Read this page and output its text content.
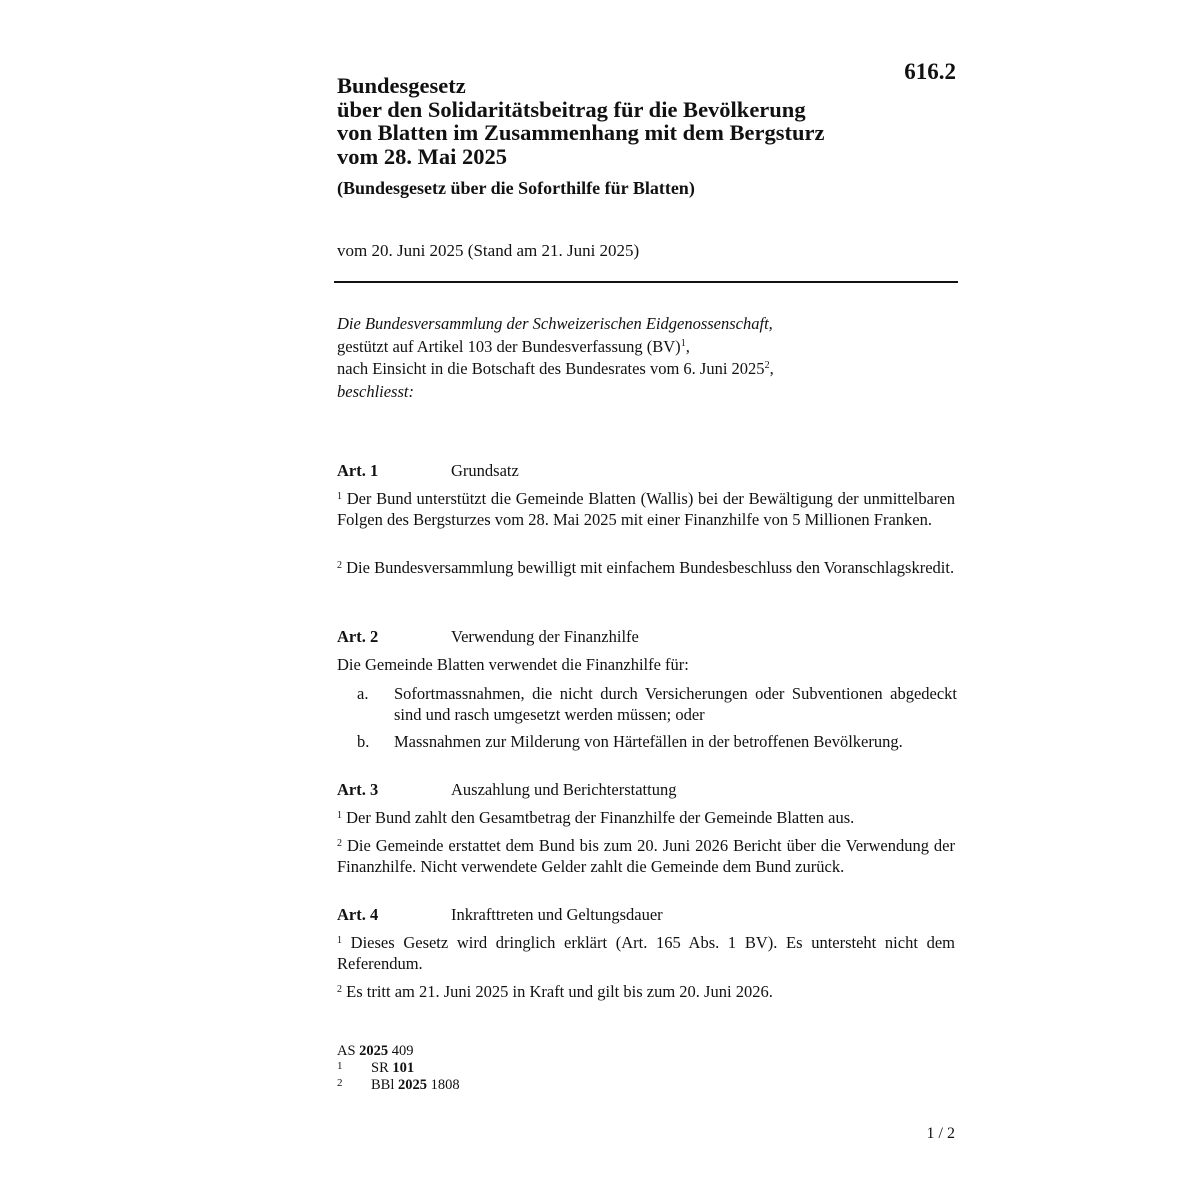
616.2
Bundesgesetz
über den Solidaritätsbeitrag für die Bevölkerung
von Blatten im Zusammenhang mit dem Bergsturz
vom 28. Mai 2025
(Bundesgesetz über die Soforthilfe für Blatten)
vom 20. Juni 2025 (Stand am 21. Juni 2025)
Die Bundesversammlung der Schweizerischen Eidgenossenschaft,
gestützt auf Artikel 103 der Bundesverfassung (BV)$^1$,
nach Einsicht in die Botschaft des Bundesrates vom 6. Juni 2025$^2$,
beschliesst:
Art. 1	Grundsatz
$^1$ Der Bund unterstützt die Gemeinde Blatten (Wallis) bei der Bewältigung der unmittelbaren Folgen des Bergsturzes vom 28. Mai 2025 mit einer Finanzhilfe von 5 Millionen Franken.
$^2$ Die Bundesversammlung bewilligt mit einfachem Bundesbeschluss den Voranschlagskredit.
Art. 2	Verwendung der Finanzhilfe
Die Gemeinde Blatten verwendet die Finanzhilfe für:
a. Sofortmassnahmen, die nicht durch Versicherungen oder Subventionen abgedeckt sind und rasch umgesetzt werden müssen; oder
b. Massnahmen zur Milderung von Härtefällen in der betroffenen Bevölkerung.
Art. 3	Auszahlung und Berichterstattung
$^1$ Der Bund zahlt den Gesamtbetrag der Finanzhilfe der Gemeinde Blatten aus.
$^2$ Die Gemeinde erstattet dem Bund bis zum 20. Juni 2026 Bericht über die Verwendung der Finanzhilfe. Nicht verwendete Gelder zahlt die Gemeinde dem Bund zurück.
Art. 4	Inkrafttreten und Geltungsdauer
$^1$ Dieses Gesetz wird dringlich erklärt (Art. 165 Abs. 1 BV). Es untersteht nicht dem Referendum.
$^2$ Es tritt am 21. Juni 2025 in Kraft und gilt bis zum 20. Juni 2026.
AS 2025 409
1 SR 101
2 BBl 2025 1808
1 / 2
